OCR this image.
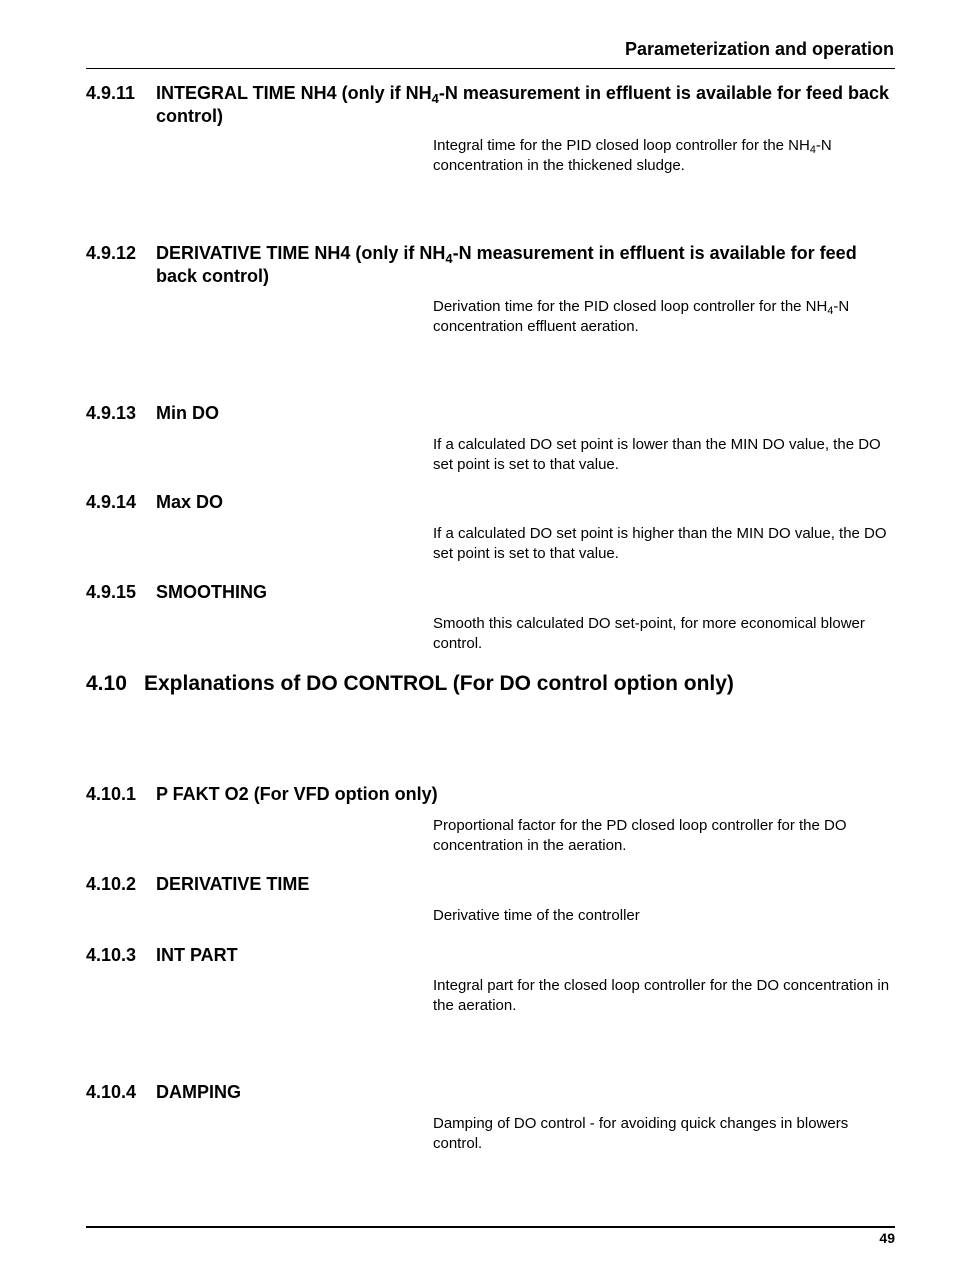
Parameterization and operation
4.9.11 INTEGRAL TIME NH4 (only if $NH_4-N$ measurement in effluent is available for feed back control)
Integral time for the PID closed loop controller for the $NH_4-N$ concentration in the thickened sludge.
4.9.12 DERIVATIVE TIME NH4 (only if $NH_4-N$ measurement in effluent is available for feed back control)
Derivation time for the PID closed loop controller for the $NH_4-N$ concentration effluent aeration.
4.9.13 Min DO
If a calculated DO set point is lower than the MIN DO value, the DO set point is set to that value.
4.9.14 Max DO
If a calculated DO set point is higher than the MIN DO value, the DO set point is set to that value.
4.9.15 SMOOTHING
Smooth this calculated DO set-point, for more economical blower control.
4.10 Explanations of DO CONTROL (For DO control option only)
4.10.1 P FAKT O2 (For VFD option only)
Proportional factor for the PD closed loop controller for the DO concentration in the aeration.
4.10.2 DERIVATIVE TIME
Derivative time of the controller
4.10.3 INT PART
Integral part for the closed loop controller for the DO concentration in the aeration.
4.10.4 DAMPING
Damping of DO control - for avoiding quick changes in blowers control.
49
